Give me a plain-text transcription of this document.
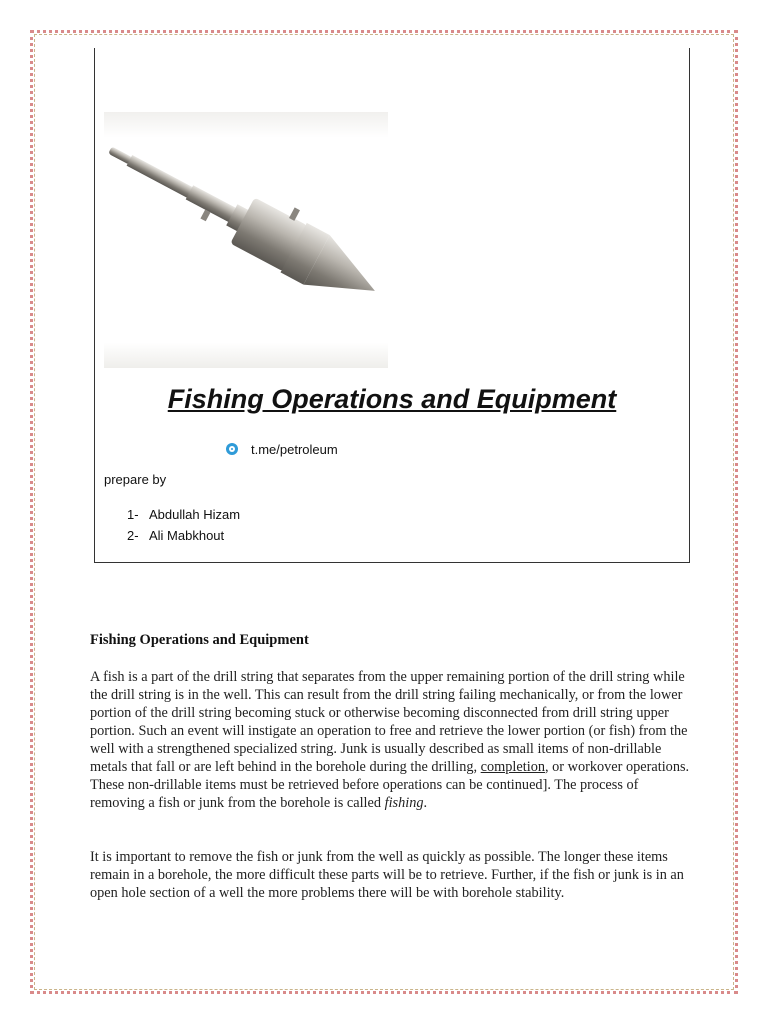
Fishing Operations and Equipment
t.me/petroleum
prepare by
1- Abdullah Hizam
2- Ali Mabkhout
Fishing Operations and Equipment

A fish is a part of the drill string that separates from the upper remaining portion of the drill string while the drill string is in the well. This can result from the drill string failing mechanically, or from the lower portion of the drill string becoming stuck or otherwise becoming disconnected from drill string upper portion. Such an event will instigate an operation to free and retrieve the lower portion (or fish) from the well with a strengthened specialized string. Junk is usually described as small items of non-drillable metals that fall or are left behind in the borehole during the drilling, completion, or workover operations. These non-drillable items must be retrieved before operations can be continued]. The process of removing a fish or junk from the borehole is called fishing.

It is important to remove the fish or junk from the well as quickly as possible. The longer these items remain in a borehole, the more difficult these parts will be to retrieve. Further, if the fish or junk is in an open hole section of a well the more problems there will be with borehole stability.
